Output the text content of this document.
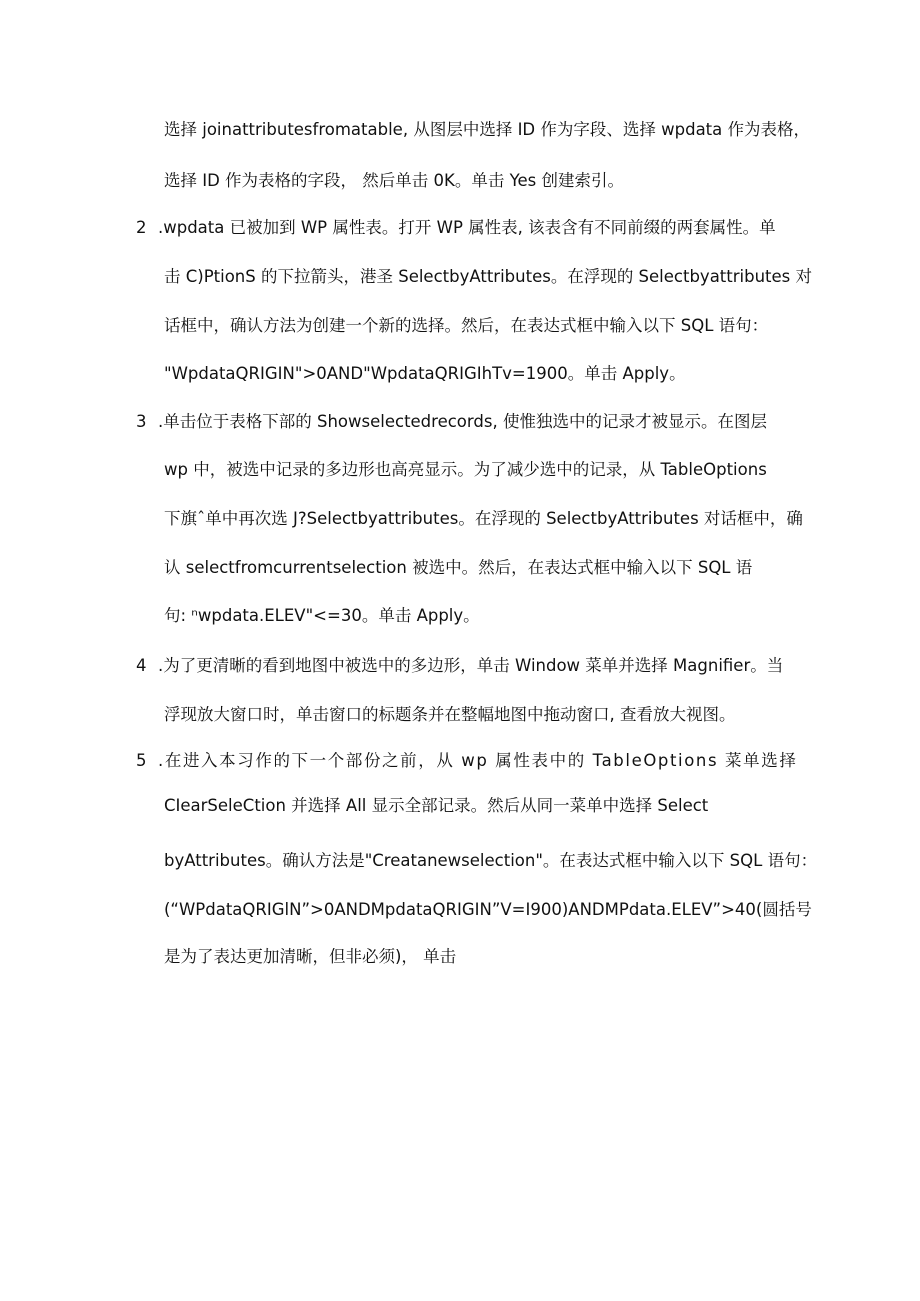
选择 joinattributesfromatable, 从图层中选择 ID 作为字段、选择 wpdata 作为表格，
选择 ID 作为表格的字段， 然后单击 0K。单击 Yes 创建索引。
2 .wpdata 已被加到 WP 属性表。打开 WP 属性表, 该表含有不同前缀的两套属性。单
击 C)PtionS 的下拉箭头，港圣 SelectbyAttributes。在浮现的 Selectbyattributes 对
话框中，确认方法为创建一个新的选择。然后，在表达式框中输入以下 SQL 语句：
"WpdataQRIGIN">0AND"WpdataQRIGIhTv=1900。单击 Apply。
3 .单击位于表格下部的 Showselectedrecords, 使惟独选中的记录才被显示。在图层
wp 中，被选中记录的多边形也高亮显示。为了减少选中的记录，从 TableOptions
下旗ˆ单中再次选 J?Selectbyattributes。在浮现的 SelectbyAttributes 对话框中，确
认 selectfromcurrentselection 被选中。然后，在表达式框中输入以下 SQL 语
句: ⁿwpdata.ELEV"<=30。单击 Apply。
4 .为了更清晰的看到地图中被选中的多边形，单击 Window 菜单并选择 Magnifier。当
浮现放大窗口时，单击窗口的标题条并在整幅地图中拖动窗口, 查看放大视图。
5 .在进入本习作的下一个部份之前，从 wp 属性表中的 TableOptions 菜单选择
CIearSeleCtion 并选择 All 显示全部记录。然后从同一菜单中选择 Select
byAttributes。确认方法是"Creatanewselection"。在表达式框中输入以下 SQL 语句：
(“WPdataQRIGlN”>0ANDMpdataQRIGIN”V=I900)ANDMPdata.ELEV”>40(圆括号
是为了表达更加清晰，但非必须)， 单击
